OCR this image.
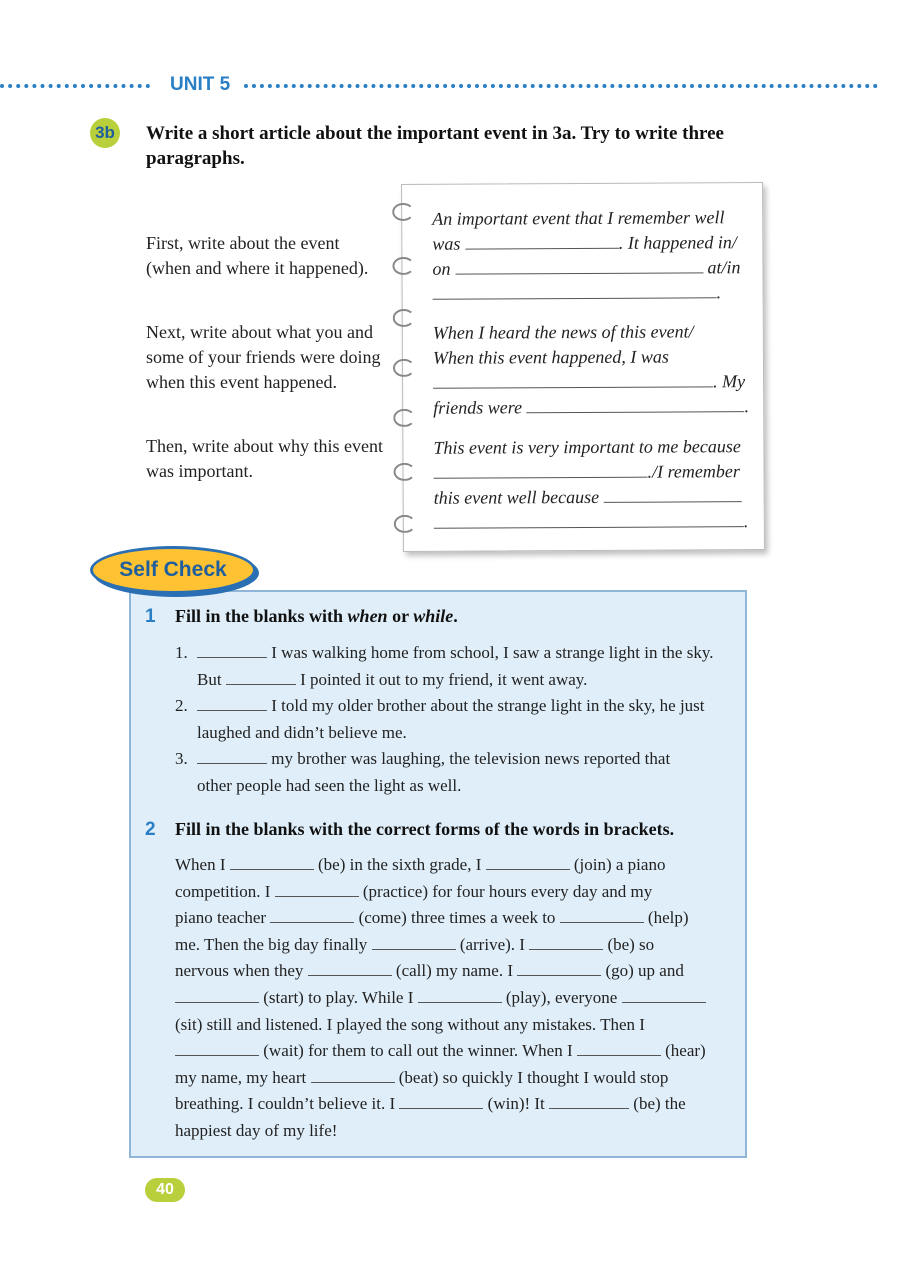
UNIT 5
3b Write a short article about the important event in 3a. Try to write three paragraphs.
First, write about the event (when and where it happened).
Next, write about what you and some of your friends were doing when this event happened.
Then, write about why this event was important.
An important event that I remember well
was	. It happened in/
on	at/in
.
When I heard the news of this event/
When this event happened, I was
. My
friends were	.
This event is very important to me because
./I remember
this event well because
.
Self Check
1 Fill in the blanks with when or while.
1.	I was walking home from school, I saw a strange light in the sky.
But	I pointed it out to my friend, it went away.
2.	I told my older brother about the strange light in the sky, he just
laughed and didn’t believe me.
3.	my brother was laughing, the television news reported that
other people had seen the light as well.
2 Fill in the blanks with the correct forms of the words in brackets.
When I	(be) in the sixth grade, I	(join) a piano
competition. I	(practice) for four hours every day and my
piano teacher	(come) three times a week to	(help)
me. Then the big day finally	(arrive). I	(be) so
nervous when they	(call) my name. I	(go) up and
(start) to play. While I	(play), everyone
(sit) still and listened. I played the song without any mistakes. Then I
(wait) for them to call out the winner. When I	(hear)
my name, my heart	(beat) so quickly I thought I would stop
breathing. I couldn’t believe it. I	(win)! It	(be) the
happiest day of my life!
40
